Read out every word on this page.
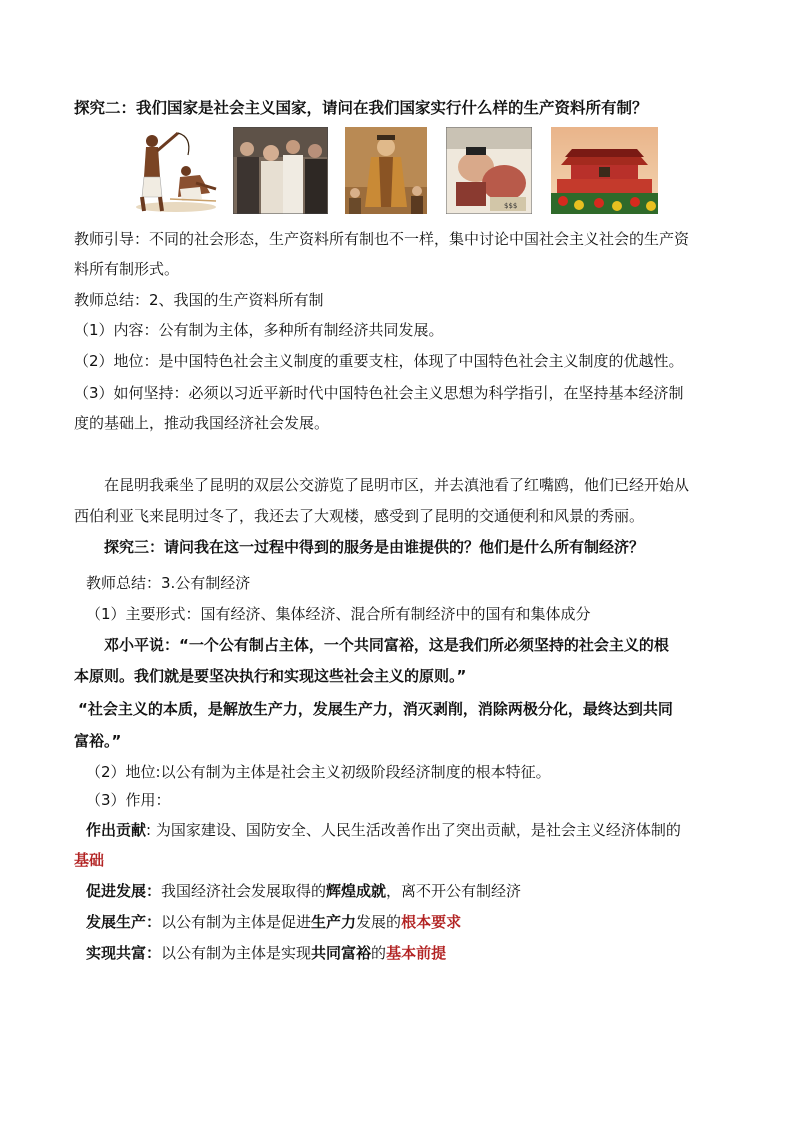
探究二：我们国家是社会主义国家，请问在我们国家实行什么样的生产资料所有制？
$$$
教师引导：不同的社会形态，生产资料所有制也不一样，集中讨论中国社会主义社会的生产资
料所有制形式。
教师总结：2、我国的生产资料所有制
（1）内容：公有制为主体，多种所有制经济共同发展。
（2）地位：是中国特色社会主义制度的重要支柱，体现了中国特色社会主义制度的优越性。
（3）如何坚持：必须以习近平新时代中国特色社会主义思想为科学指引，在坚持基本经济制
度的基础上，推动我国经济社会发展。
在昆明我乘坐了昆明的双层公交游览了昆明市区，并去滇池看了红嘴鸥，他们已经开始从
西伯利亚飞来昆明过冬了，我还去了大观楼，感受到了昆明的交通便利和风景的秀丽。
探究三：请问我在这一过程中得到的服务是由谁提供的？他们是什么所有制经济？
教师总结：3.公有制经济
（1）主要形式：国有经济、集体经济、混合所有制经济中的国有和集体成分
邓小平说：“一个公有制占主体，一个共同富裕，这是我们所必须坚持的社会主义的根
本原则。我们就是要坚决执行和实现这些社会主义的原则。”
“社会主义的本质，是解放生产力，发展生产力，消灭剥削，消除两极分化，最终达到共同
富裕。”
（2）地位:以公有制为主体是社会主义初级阶段经济制度的根本特征。
（3）作用：
作出贡献: 为国家建设、国防安全、人民生活改善作出了突出贡献，是社会主义经济体制的
基础
促进发展：我国经济社会发展取得的辉煌成就，离不开公有制经济
发展生产：以公有制为主体是促进生产力发展的根本要求
实现共富：以公有制为主体是实现共同富裕的基本前提
